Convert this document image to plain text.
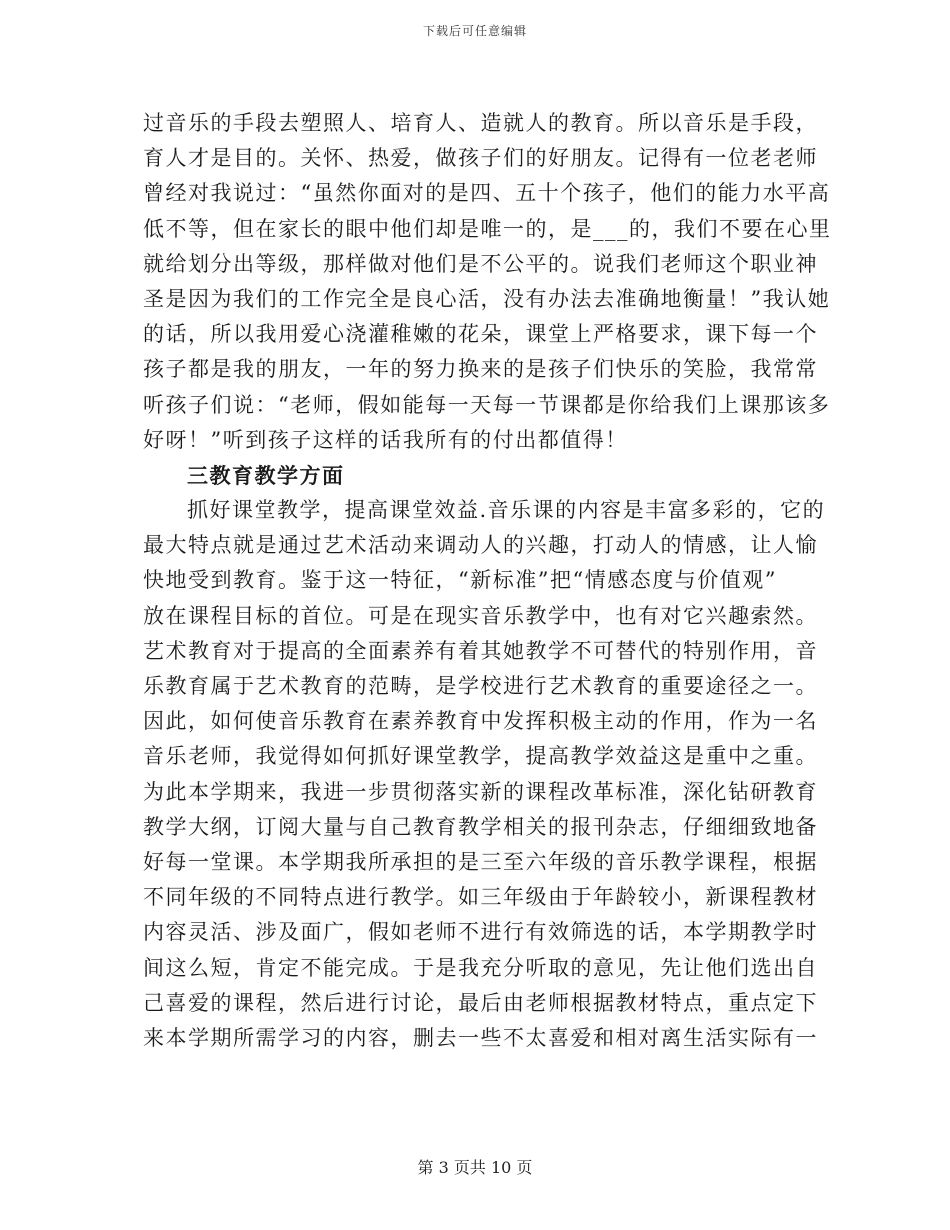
下载后可任意编辑
过音乐的手段去塑照人、培育人、造就人的教育。所以音乐是手段，
育人才是目的。关怀、热爱，做孩子们的好朋友。记得有一位老老师
曾经对我说过：“虽然你面对的是四、五十个孩子，他们的能力水平高
低不等，但在家长的眼中他们却是唯一的，是___的，我们不要在心里
就给划分出等级，那样做对他们是不公平的。说我们老师这个职业神
圣是因为我们的工作完全是良心活，没有办法去准确地衡量！”我认她
的话，所以我用爱心浇灌稚嫩的花朵，课堂上严格要求，课下每一个
孩子都是我的朋友，一年的努力换来的是孩子们快乐的笑脸，我常常
听孩子们说：“老师，假如能每一天每一节课都是你给我们上课那该多
好呀！”听到孩子这样的话我所有的付出都值得！
三教育教学方面
抓好课堂教学，提高课堂效益.音乐课的内容是丰富多彩的，它的
最大特点就是通过艺术活动来调动人的兴趣，打动人的情感，让人愉
快地受到教育。鉴于这一特征，“新标准”把“情感态度与价值观”
放在课程目标的首位。可是在现实音乐教学中，也有对它兴趣索然。
艺术教育对于提高的全面素养有着其她教学不可替代的特别作用，音
乐教育属于艺术教育的范畴，是学校进行艺术教育的重要途径之一。
因此，如何使音乐教育在素养教育中发挥积极主动的作用，作为一名
音乐老师，我觉得如何抓好课堂教学，提高教学效益这是重中之重。
为此本学期来，我进一步贯彻落实新的课程改革标准，深化钻研教育
教学大纲，订阅大量与自己教育教学相关的报刊杂志，仔细细致地备
好每一堂课。本学期我所承担的是三至六年级的音乐教学课程，根据
不同年级的不同特点进行教学。如三年级由于年龄较小，新课程教材
内容灵活、涉及面广，假如老师不进行有效筛选的话，本学期教学时
间这么短，肯定不能完成。于是我充分听取的意见，先让他们选出自
己喜爱的课程，然后进行讨论，最后由老师根据教材特点，重点定下
来本学期所需学习的内容，删去一些不太喜爱和相对离生活实际有一
第 3 页共 10 页
